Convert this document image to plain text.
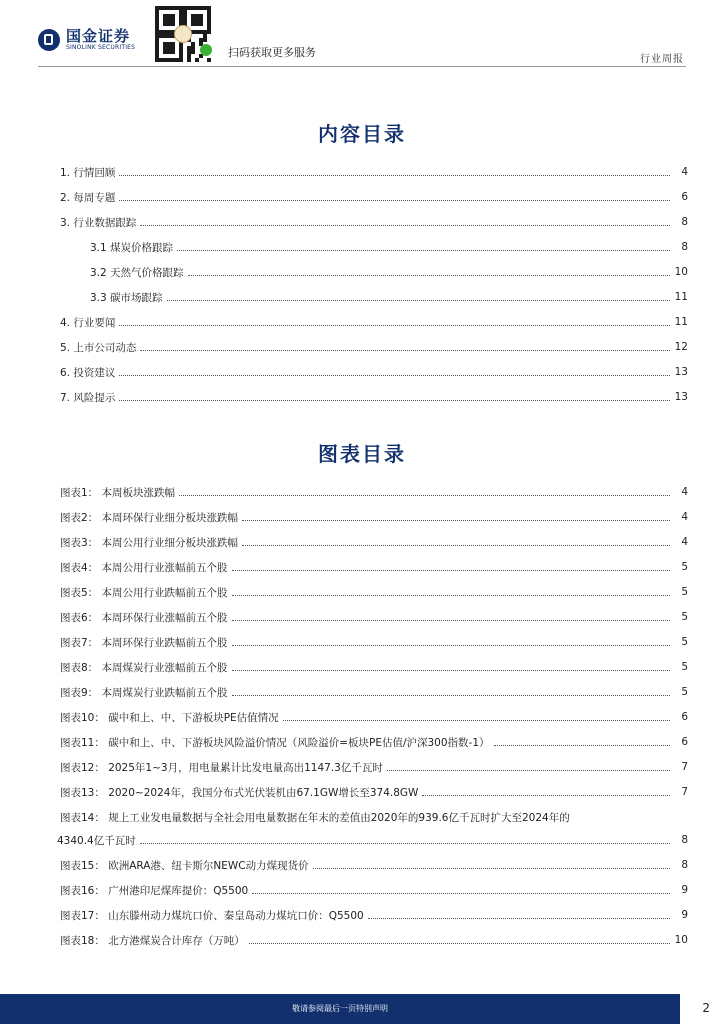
国金证券
SINOLINK SECURITIES	扫码获取更多服务
行业周报
内容目录
1. 行情回顾	4
2. 每周专题	6
3. 行业数据跟踪	8
3.1 煤炭价格跟踪	8
3.2 天然气价格跟踪	10
3.3 碳市场跟踪	11
4. 行业要闻	11
5. 上市公司动态	12
6. 投资建议	13
7. 风险提示	13
图表目录
图表1： 本周板块涨跌幅	4
图表2： 本周环保行业细分板块涨跌幅	4
图表3： 本周公用行业细分板块涨跌幅	4
图表4： 本周公用行业涨幅前五个股	5
图表5： 本周公用行业跌幅前五个股	5
图表6： 本周环保行业涨幅前五个股	5
图表7： 本周环保行业跌幅前五个股	5
图表8： 本周煤炭行业涨幅前五个股	5
图表9： 本周煤炭行业跌幅前五个股	5
图表10： 碳中和上、中、下游板块PE估值情况	6
图表11： 碳中和上、中、下游板块风险溢价情况（风险溢价=板块PE估值/沪深300指数-1）	6
图表12： 2025年1~3月，用电量累计比发电量高出1147.3亿千瓦时	7
图表13： 2020~2024年，我国分布式光伏装机由67.1GW增长至374.8GW	7
图表14： 规上工业发电量数据与全社会用电量数据在年末的差值由2020年的939.6亿千瓦时扩大至2024年的
4340.4亿千瓦时	8
图表15： 欧洲ARA港、纽卡斯尔NEWC动力煤现货价	8
图表16： 广州港印尼煤库提价：Q5500	9
图表17： 山东滕州动力煤坑口价、秦皇岛动力煤坑口价：Q5500	9
图表18： 北方港煤炭合计库存（万吨）	10
敬请参阅最后一页特别声明	2
